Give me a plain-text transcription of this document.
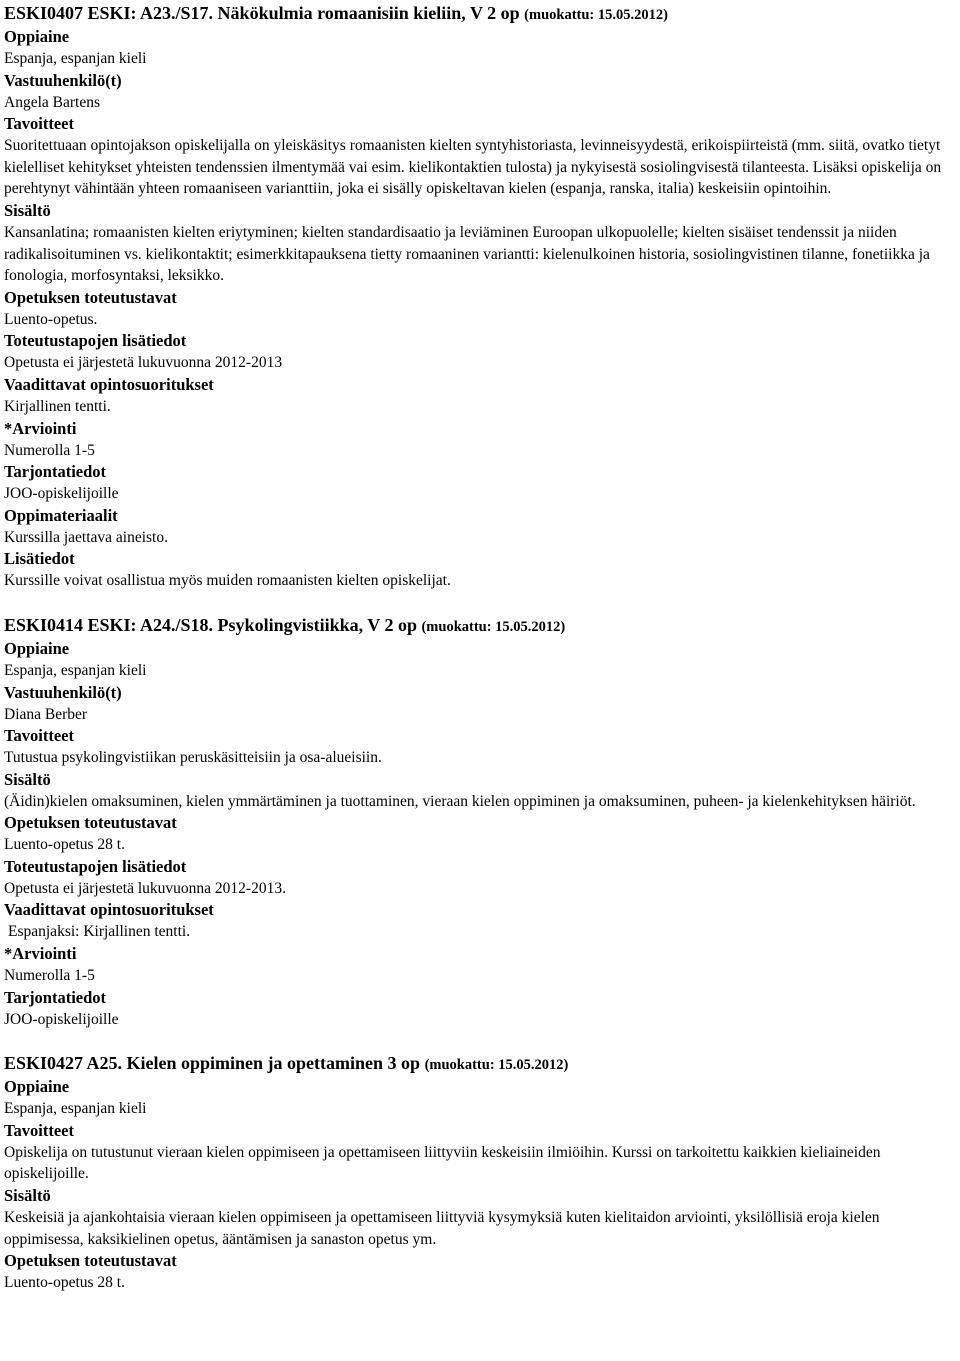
ESKI0407 ESKI: A23./S17. Näkökulmia romaanisiin kieliin, V 2 op (muokattu: 15.05.2012)

Oppiaine

Espanja, espanjan kieli

Vastuuhenkilö(t)

Angela Bartens

Tavoitteet

Suoritettuaan opintojakson opiskelijalla on yleiskäsitys romaanisten kielten syntyhistoriasta, levinneisyydestä, erikoispiirteistä (mm. siitä, ovatko tietyt kielelliset kehitykset yhteisten tendenssien ilmentymää vai esim. kielikontaktien tulosta) ja nykyisestä sosiolingvisestä tilanteesta. Lisäksi opiskelija on perehtynyt vähintään yhteen romaaniseen varianttiin, joka ei sisälly opiskeltavan kielen (espanja, ranska, italia) keskeisiin opintoihin.

Sisältö

Kansanlatina; romaanisten kielten eriytyminen; kielten standardisaatio ja leviäminen Euroopan ulkopuolelle; kielten sisäiset tendenssit ja niiden radikalisoituminen vs. kielikontaktit; esimerkkitapauksena tietty romaaninen variantti: kielenulkoinen historia, sosiolingvistinen tilanne, fonetiikka ja fonologia, morfosyntaksi, leksikko.

Opetuksen toteutustavat

Luento-opetus.

Toteutustapojen lisätiedot

Opetusta ei järjestetä lukuvuonna 2012-2013

Vaadittavat opintosuoritukset

Kirjallinen tentti.

*Arviointi

Numerolla 1-5

Tarjontatiedot

JOO-opiskelijoille

Oppimateriaalit

Kurssilla jaettava aineisto.

Lisätiedot

Kurssille voivat osallistua myös muiden romaanisten kielten opiskelijat.

ESKI0414 ESKI: A24./S18. Psykolingvistiikka, V 2 op (muokattu: 15.05.2012)

Oppiaine

Espanja, espanjan kieli

Vastuuhenkilö(t)

Diana Berber

Tavoitteet

Tutustua psykolingvistiikan peruskäsitteisiin ja osa-alueisiin.

Sisältö

(Äidin)kielen omaksuminen, kielen ymmärtäminen ja tuottaminen, vieraan kielen oppiminen ja omaksuminen, puheen- ja kielenkehityksen häiriöt.

Opetuksen toteutustavat

Luento-opetus 28 t.

Toteutustapojen lisätiedot

Opetusta ei järjestetä lukuvuonna 2012-2013.

Vaadittavat opintosuoritukset

Espanjaksi: Kirjallinen tentti.

*Arviointi

Numerolla 1-5

Tarjontatiedot

JOO-opiskelijoille

ESKI0427 A25. Kielen oppiminen ja opettaminen 3 op (muokattu: 15.05.2012)

Oppiaine

Espanja, espanjan kieli

Tavoitteet

Opiskelija on tutustunut vieraan kielen oppimiseen ja opettamiseen liittyviin keskeisiin ilmiöihin. Kurssi on tarkoitettu kaikkien kieliaineiden opiskelijoille.

Sisältö

Keskeisiä ja ajankohtaisia vieraan kielen oppimiseen ja opettamiseen liittyviä kysymyksiä kuten kielitaidon arviointi, yksilöllisiä eroja kielen oppimisessa, kaksikielinen opetus, ääntämisen ja sanaston opetus ym.

Opetuksen toteutustavat

Luento-opetus 28 t.
